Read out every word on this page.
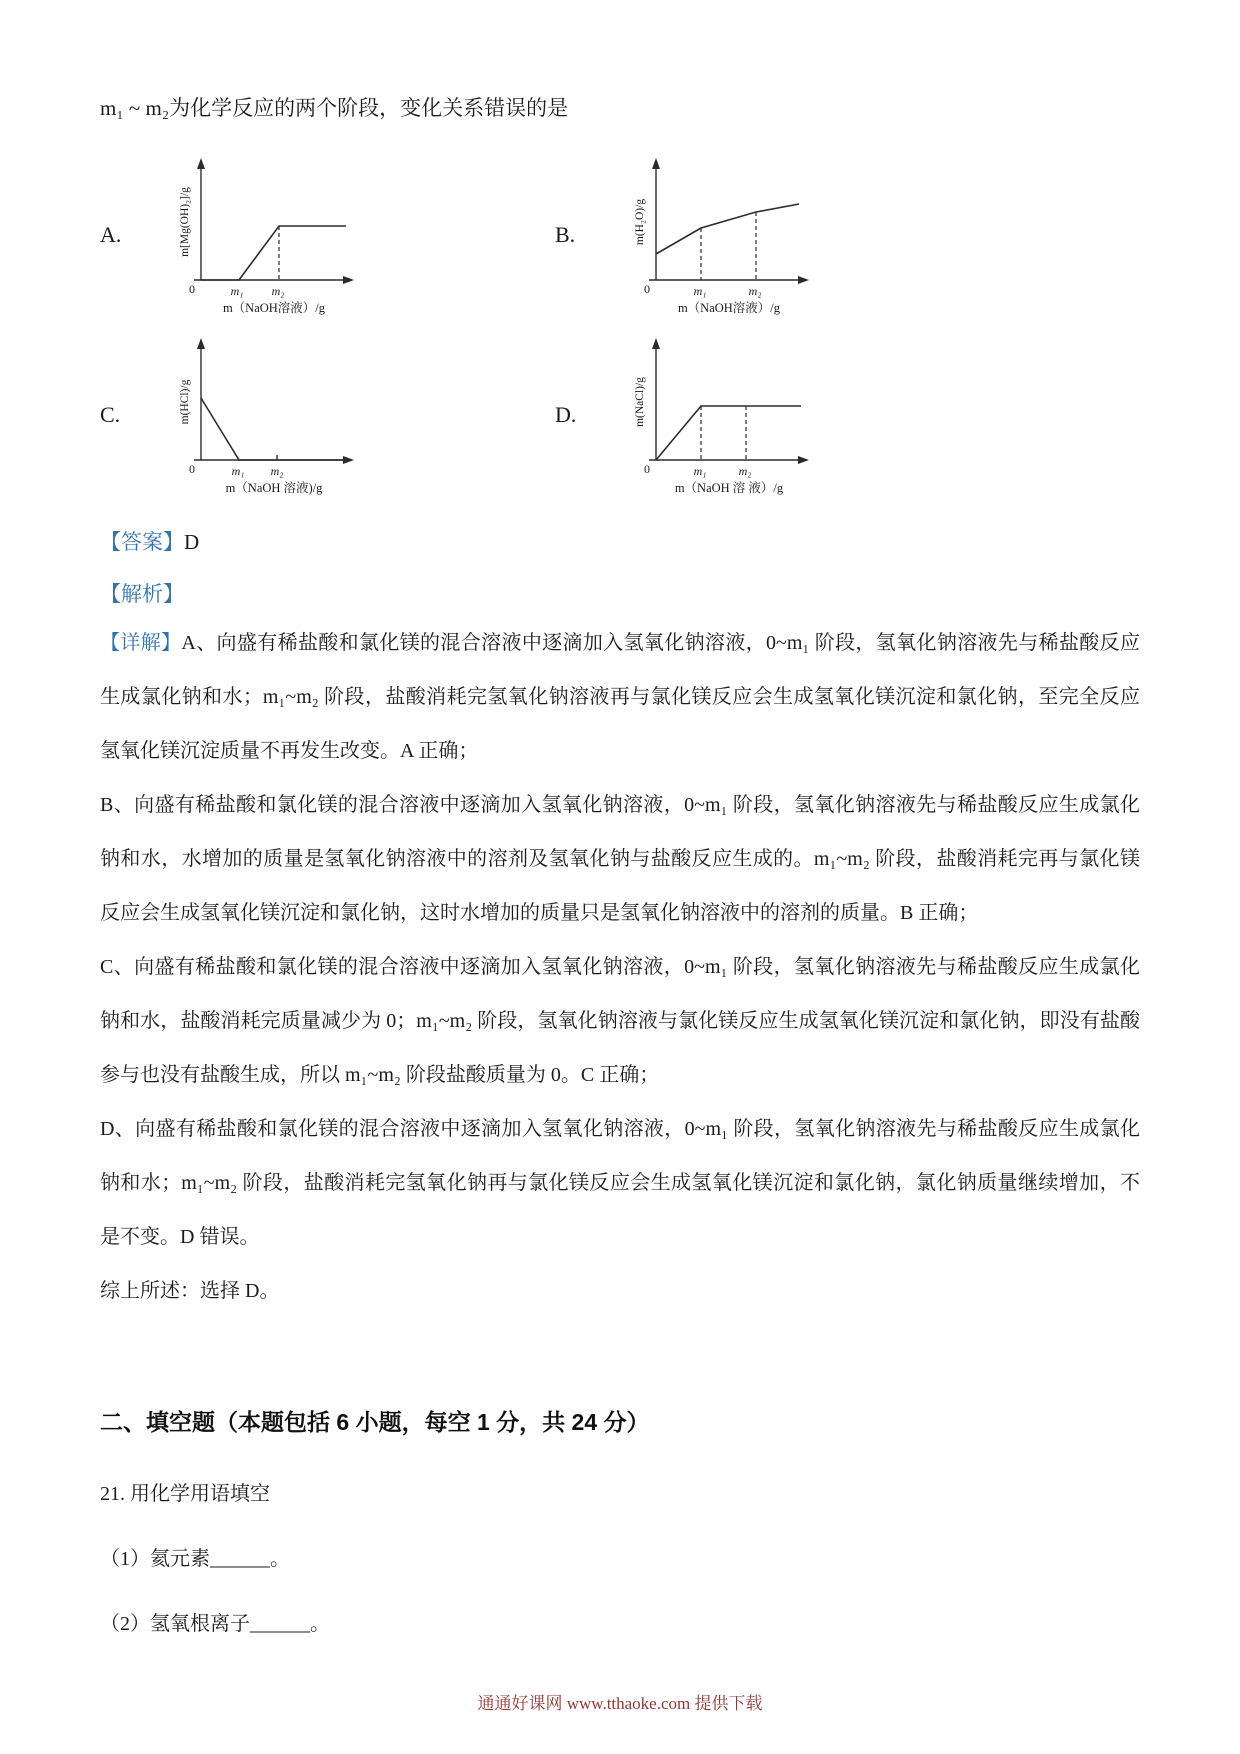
m₁ ~ m₂为化学反应的两个阶段，变化关系错误的是

A.	m[Mg(OH)₂]/g
0	m₁ m₂
m（NaOH溶液）/g
B.	m(H₂O)/g
0	m₁	m₂
m（NaOH溶液）/g
C.	m(HCl)/g
0	m₁ m₂
m（NaOH 溶液)/g
D.	m(NaCl)/g
0	m₁	m₂
m（NaOH 溶 液）/g

【答案】D

【解析】

【详解】A、向盛有稀盐酸和氯化镁的混合溶液中逐滴加入氢氧化钠溶液，0~m₁ 阶段，氢氧化钠溶液先与稀盐酸反应生成氯化钠和水；m₁~m₂ 阶段，盐酸消耗完氢氧化钠溶液再与氯化镁反应会生成氢氧化镁沉淀和氯化钠，至完全反应氢氧化镁沉淀质量不再发生改变。A 正确；

B、向盛有稀盐酸和氯化镁的混合溶液中逐滴加入氢氧化钠溶液，0~m₁ 阶段，氢氧化钠溶液先与稀盐酸反应生成氯化钠和水，水增加的质量是氢氧化钠溶液中的溶剂及氢氧化钠与盐酸反应生成的。m₁~m₂ 阶段，盐酸消耗完再与氯化镁反应会生成氢氧化镁沉淀和氯化钠，这时水增加的质量只是氢氧化钠溶液中的溶剂的质量。B 正确；

C、向盛有稀盐酸和氯化镁的混合溶液中逐滴加入氢氧化钠溶液，0~m₁ 阶段，氢氧化钠溶液先与稀盐酸反应生成氯化钠和水，盐酸消耗完质量减少为 0；m₁~m₂ 阶段，氢氧化钠溶液与氯化镁反应生成氢氧化镁沉淀和氯化钠，即没有盐酸参与也没有盐酸生成，所以 m₁~m₂ 阶段盐酸质量为 0。C 正确；

D、向盛有稀盐酸和氯化镁的混合溶液中逐滴加入氢氧化钠溶液，0~m₁ 阶段，氢氧化钠溶液先与稀盐酸反应生成氯化钠和水；m₁~m₂ 阶段，盐酸消耗完氢氧化钠再与氯化镁反应会生成氢氧化镁沉淀和氯化钠，氯化钠质量继续增加，不是不变。D 错误。

综上所述：选择 D。

二、填空题（本题包括 6 小题，每空 1 分，共 24 分）

21. 用化学用语填空

（1）氦元素______。

（2）氢氧根离子______。

通通好课网 www.tthaoke.com 提供下载
